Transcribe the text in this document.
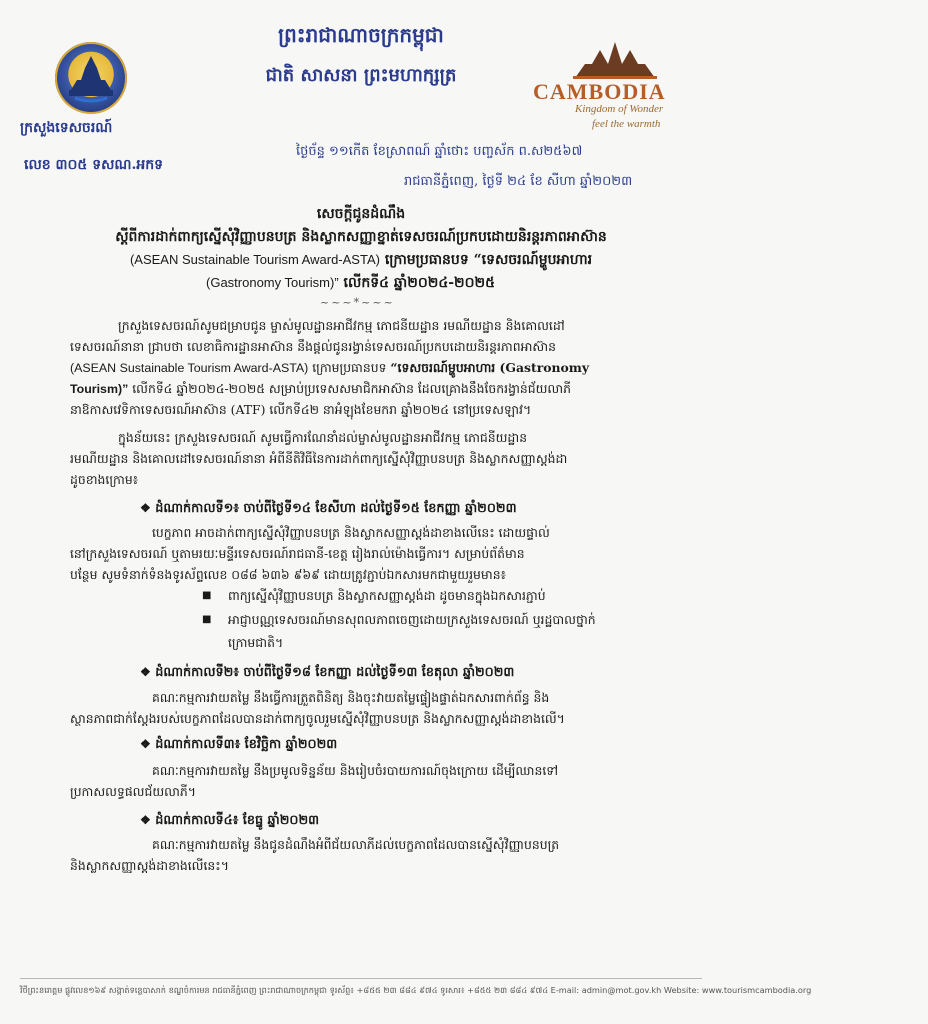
ក្រសួងទេសចរណ៍
លេខ ៣០៥ ទសណ.អកទ
ព្រះរាជាណាចក្រកម្ពុជា
ជាតិ សាសនា ព្រះមហាក្សត្រ
CAMBODIA
Kingdom of Wonder
feel the warmth
ថ្ងៃច័ន្ទ ១១កើត ខែស្រាពណ៍ ឆ្នាំថោះ បញ្ចស័ក ព.ស២៥៦៧
រាជធានីភ្នំពេញ, ថ្ងៃទី ២៤ ខែ សីហា ឆ្នាំ២០២៣
សេចក្តីជូនដំណឹង
ស្តីពីការដាក់ពាក្យស្នើសុំវិញ្ញាបនបត្រ និងស្លាកសញ្ញាខ្នាត់ទេសចរណ៍ប្រកបដោយនិរន្តរភាពអាស៊ាន
(ASEAN Sustainable Tourism Award-ASTA) ក្រោមប្រធានបទ “ទេសចរណ៍ម្ហូបអាហារ
(Gastronomy Tourism)” លើកទី៤ ឆ្នាំ២០២៤-២០២៥
~~~*~~~
ក្រសួងទេសចរណ៍សូមជម្រាបជូន ម្ចាស់មូលដ្ឋានអាជីវកម្ម ភោជនីយដ្ឋាន រមណីយដ្ឋាន និងគោលដៅ
ទេសចរណ៍នានា ជ្រាបថា លេខាធិការដ្ឋានអាស៊ាន នឹងផ្តល់ជូនរង្វាន់ទេសចរណ៍ប្រកបដោយនិរន្តរភាពអាស៊ាន
(ASEAN Sustainable Tourism Award-ASTA) ក្រោមប្រធានបទ “ទេសចរណ៍ម្ហូបអាហារ (Gastronomy
Tourism)” លើកទី៤ ឆ្នាំ២០២៤-២០២៥ សម្រាប់ប្រទេសសមាជិកអាស៊ាន ដែលគ្រោងនឹងចែករង្វាន់ជ័យលាភី
នាឱកាសវេទិកាទេសចរណ៍អាស៊ាន (ATF) លើកទី៤២ នាអំឡុងខែមករា ឆ្នាំ២០២៤ នៅប្រទេសឡាវ។
ក្នុងន័យនេះ ក្រសួងទេសចរណ៍ សូមធ្វើការណែនាំដល់ម្ចាស់មូលដ្ឋានអាជីវកម្ម ភោជនីយដ្ឋាន
រមណីយដ្ឋាន និងគោលដៅទេសចរណ៍នានា អំពីនីតិវិធីនៃការដាក់ពាក្យស្នើសុំវិញ្ញាបនបត្រ និងស្លាកសញ្ញាស្តង់ដា
ដូចខាងក្រោម៖
❖ ដំណាក់កាលទី១៖ ចាប់ពីថ្ងៃទី១៤ ខែសីហា ដល់ថ្ងៃទី១៥ ខែកញ្ញា ឆ្នាំ២០២៣
បេក្ខភាព អាចដាក់ពាក្យស្នើសុំវិញ្ញាបនបត្រ និងស្លាកសញ្ញាស្តង់ដាខាងលើនេះ ដោយផ្ទាល់
នៅក្រសួងទេសចរណ៍ ឬតាមរយៈមន្ទីរទេសចរណ៍រាជធានី-ខេត្ត រៀងរាល់ម៉ោងធ្វើការ។ សម្រាប់ព័ត៌មាន
បន្ថែម សូមទំនាក់ទំនងទូរស័ព្ទលេខ ០៨៨ ៦៣៦ ៩៦៩ ដោយត្រូវភ្ជាប់ឯកសារមកជាមួយរួមមាន៖
■ ពាក្យស្នើសុំវិញ្ញាបនបត្រ និងស្លាកសញ្ញាស្តង់ដា ដូចមានក្នុងឯកសារភ្ជាប់
■ អាជ្ញាបណ្ណទេសចរណ៍មានសុពលភាពចេញដោយក្រសួងទេសចរណ៍ ឬរដ្ឋបាលថ្នាក់
ក្រោមជាតិ។
❖ ដំណាក់កាលទី២៖ ចាប់ពីថ្ងៃទី១៨ ខែកញ្ញា ដល់ថ្ងៃទី១៣ ខែតុលា ឆ្នាំ២០២៣
គណៈកម្មការវាយតម្លៃ នឹងធ្វើការត្រួតពិនិត្យ និងចុះវាយតម្លៃផ្ទៀងផ្ទាត់ឯកសារពាក់ព័ន្ធ និង
ស្ថានភាពជាក់ស្តែងរបស់បេក្ខភាពដែលបានដាក់ពាក្យចូលរួមស្នើសុំវិញ្ញាបនបត្រ និងស្លាកសញ្ញាស្តង់ដាខាងលើ។
❖ ដំណាក់កាលទី៣៖ ខែវិច្ឆិកា ឆ្នាំ២០២៣
គណៈកម្មការវាយតម្លៃ នឹងប្រមូលទិន្នន័យ និងរៀបចំរបាយការណ៍ចុងក្រោយ ដើម្បីឈានទៅ
ប្រកាសលទ្ធផលជ័យលាភី។
❖ ដំណាក់កាលទី៤៖ ខែធ្នូ ឆ្នាំ២០២៣
គណៈកម្មការវាយតម្លៃ នឹងជូនដំណឹងអំពីជ័យលាភីដល់បេក្ខភាពដែលបានស្នើសុំវិញ្ញាបនបត្រ
និងស្លាកសញ្ញាស្តង់ដាខាងលើនេះ។
វិថីព្រះនរោត្តម ផ្លូវលេខ១៦៩ សង្កាត់ទន្លេបាសាក់ ខណ្ឌចំការមន រាជធានីភ្នំពេញ ព្រះរាជាណាចក្រកម្ពុជា ទូរស័ព្ទ៖ +៨៥៥ ២៣ ៨៨៤ ៩៧៤ ទូរសារ៖ +៨៥៥ ២៣ ៨៨៤ ៩៧៤ E-mail: admin@mot.gov.kh Website: www.tourismcambodia.org
